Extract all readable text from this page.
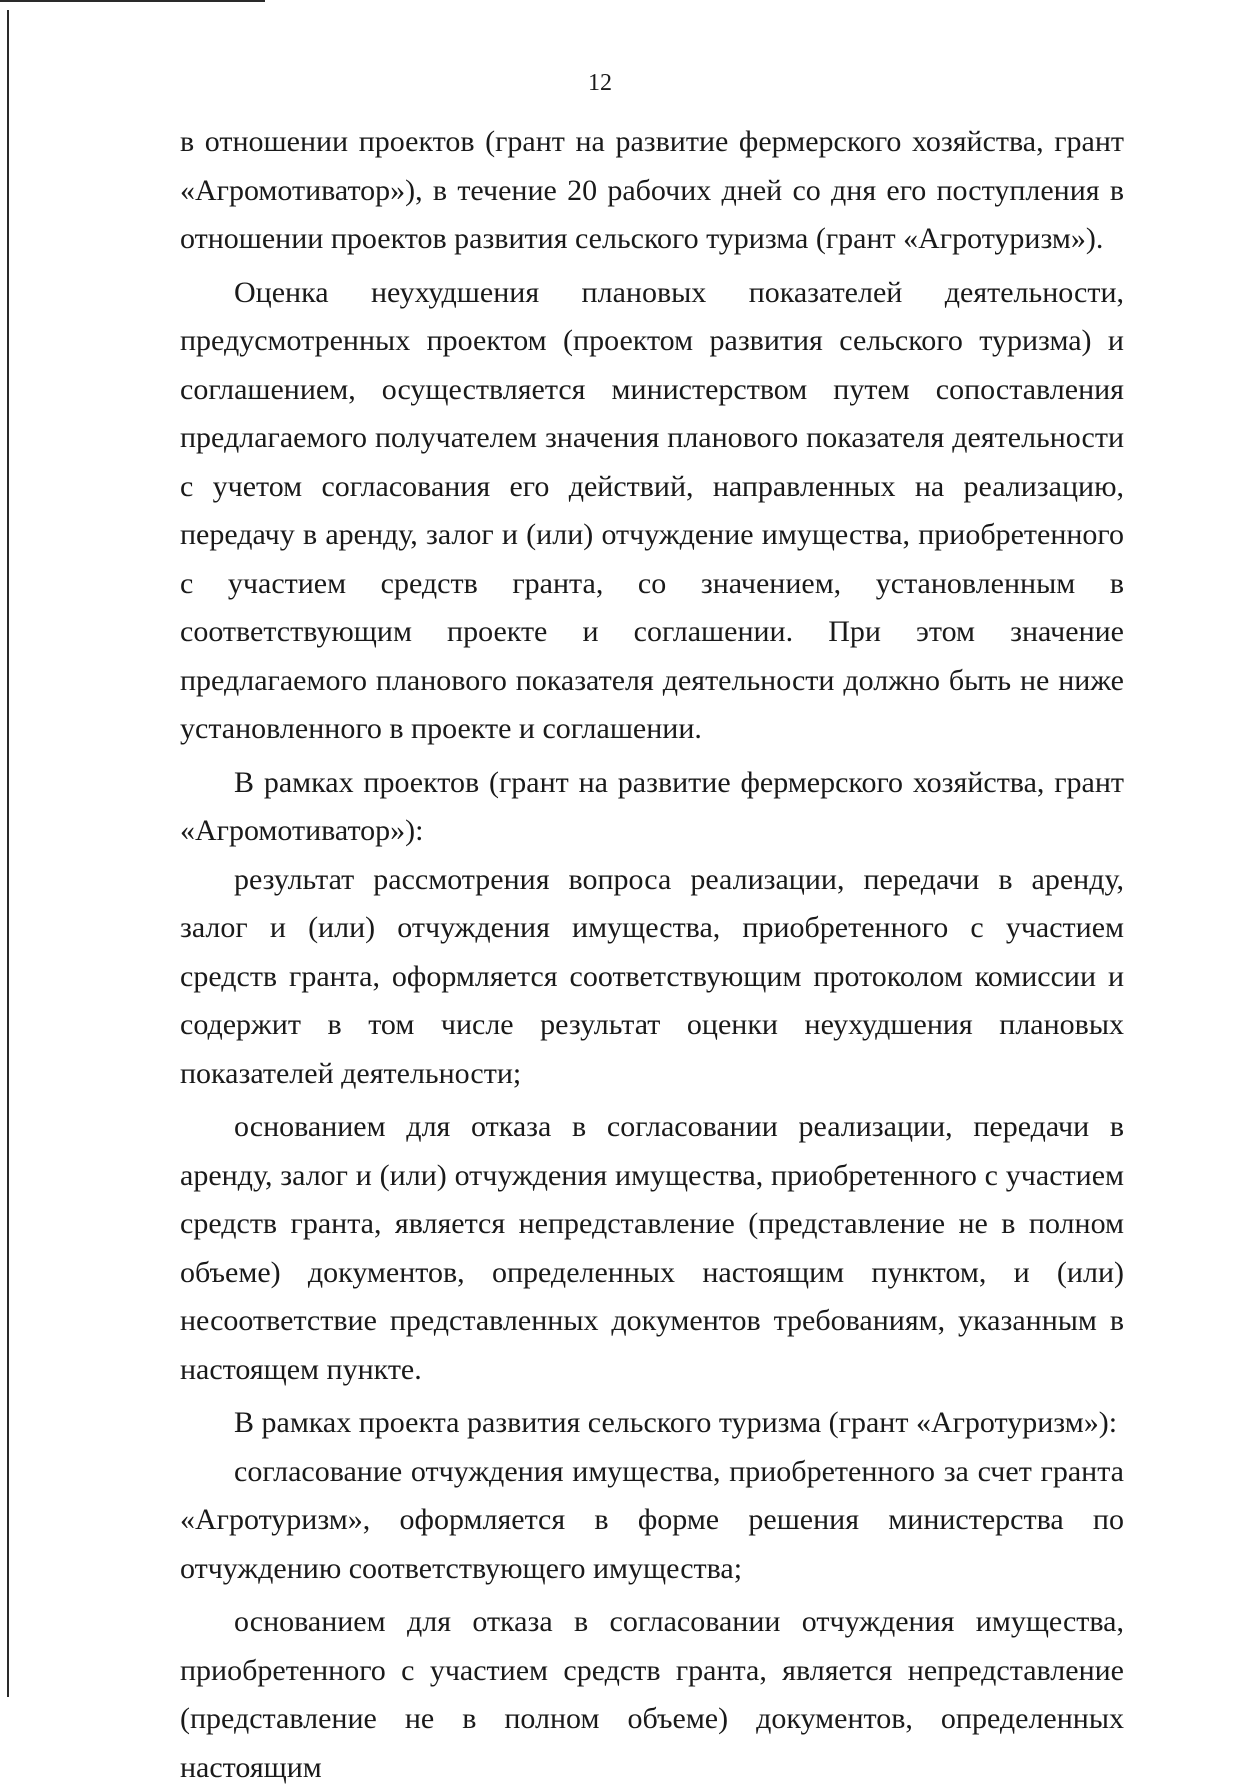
12

в отношении проектов (грант на развитие фермерского хозяйства, грант «Агромотиватор»), в течение 20 рабочих дней со дня его поступления в отношении проектов развития сельского туризма (грант «Агротуризм»).

Оценка неухудшения плановых показателей деятельности, предусмотренных проектом (проектом развития сельского туризма) и соглашением, осуществляется министерством путем сопоставления предлагаемого получателем значения планового показателя деятельности с учетом согласования его действий, направленных на реализацию, передачу в аренду, залог и (или) отчуждение имущества, приобретенного с участием средств гранта, со значением, установленным в соответствующим проекте и соглашении. При этом значение предлагаемого планового показателя деятельности должно быть не ниже установленного в проекте и соглашении.

В рамках проектов (грант на развитие фермерского хозяйства, грант «Агромотиватор»):

результат рассмотрения вопроса реализации, передачи в аренду, залог и (или) отчуждения имущества, приобретенного с участием средств гранта, оформляется соответствующим протоколом комиссии и содержит в том числе результат оценки неухудшения плановых показателей деятельности;

основанием для отказа в согласовании реализации, передачи в аренду, залог и (или) отчуждения имущества, приобретенного с участием средств гранта, является непредставление (представление не в полном объеме) документов, определенных настоящим пунктом, и (или) несоответствие представленных документов требованиям, указанным в настоящем пункте.

В рамках проекта развития сельского туризма (грант «Агротуризм»):

согласование отчуждения имущества, приобретенного за счет гранта «Агротуризм», оформляется в форме решения министерства по отчуждению соответствующего имущества;

основанием для отказа в согласовании отчуждения имущества, приобретенного с участием средств гранта, является непредставление (представление не в полном объеме) документов, определенных настоящим
